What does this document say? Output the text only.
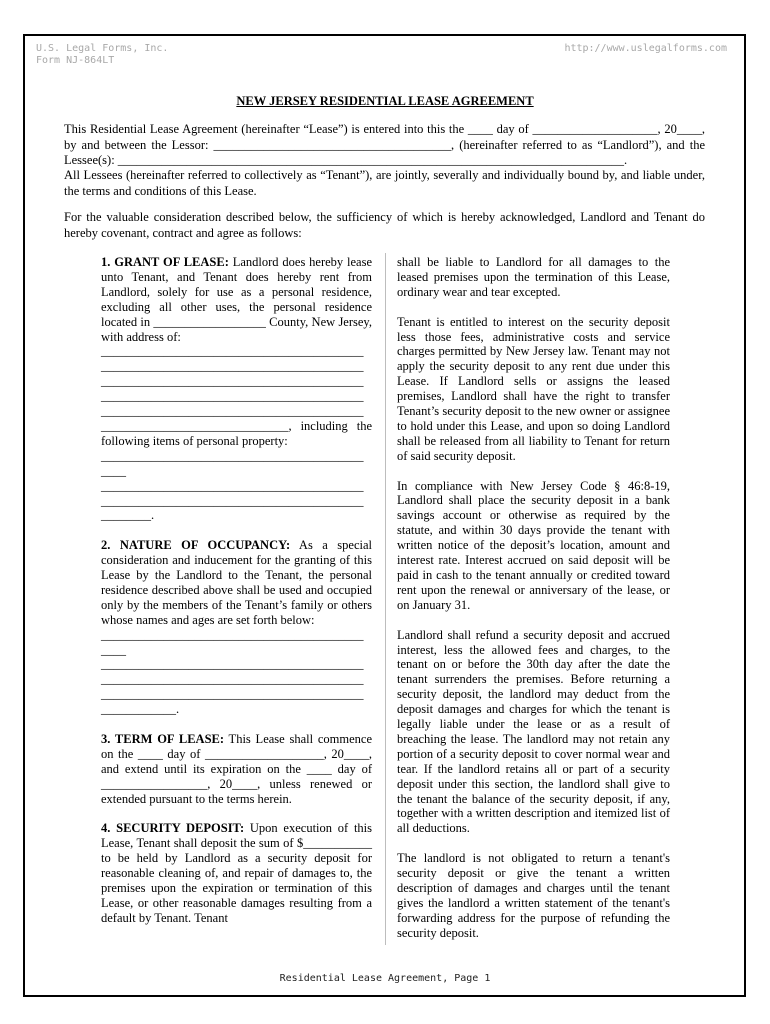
U.S. Legal Forms, Inc.
Form NJ-864LT
http://www.uslegalforms.com
NEW JERSEY RESIDENTIAL LEASE AGREEMENT

This Residential Lease Agreement (hereinafter “Lease”) is entered into this the ____ day of ____________________, 20____, by and between the Lessor: ______________________________________, (hereinafter referred to as “Landlord”), and the Lessee(s): _________________________________________________________________________________.

All Lessees (hereinafter referred to collectively as “Tenant”), are jointly, severally and individually bound by, and liable under, the terms and conditions of this Lease.

For the valuable consideration described below, the sufficiency of which is hereby acknowledged, Landlord and Tenant do hereby covenant, contract and agree as follows:

1. GRANT OF LEASE: Landlord does hereby lease unto Tenant, and Tenant does hereby rent from Landlord, solely for use as a personal residence, excluding all other uses, the personal residence located in __________________ County, New Jersey, with address of:
__________________________________________
__________________________________________
__________________________________________
__________________________________________
__________________________________________
______________________________, including the following items of personal property:
__________________________________________
____
__________________________________________
__________________________________________
________.

2. NATURE OF OCCUPANCY: As a special consideration and inducement for the granting of this Lease by the Landlord to the Tenant, the personal residence described above shall be used and occupied only by the members of the Tenant’s family or others whose names and ages are set forth below:
__________________________________________
____
__________________________________________
__________________________________________
__________________________________________
____________.

3. TERM OF LEASE: This Lease shall commence on the ____ day of ___________________, 20____, and extend until its expiration on the ____ day of _________________, 20____, unless renewed or extended pursuant to the terms herein.

4. SECURITY DEPOSIT: Upon execution of this Lease, Tenant shall deposit the sum of $___________ to be held by Landlord as a security deposit for reasonable cleaning of, and repair of damages to, the premises upon the expiration or termination of this Lease, or other reasonable damages resulting from a default by Tenant. Tenant

shall be liable to Landlord for all damages to the leased premises upon the termination of this Lease, ordinary wear and tear excepted.

Tenant is entitled to interest on the security deposit less those fees, administrative costs and service charges permitted by New Jersey law. Tenant may not apply the security deposit to any rent due under this Lease. If Landlord sells or assigns the leased premises, Landlord shall have the right to transfer Tenant’s security deposit to the new owner or assignee to hold under this Lease, and upon so doing Landlord shall be released from all liability to Tenant for return of said security deposit.

In compliance with New Jersey Code § 46:8-19, Landlord shall place the security deposit in a bank savings account or otherwise as required by the statute, and within 30 days provide the tenant with written notice of the deposit’s location, amount and interest rate. Interest accrued on said deposit will be paid in cash to the tenant annually or credited toward rent upon the renewal or anniversary of the lease, or on January 31.

Landlord shall refund a security deposit and accrued interest, less the allowed fees and charges, to the tenant on or before the 30th day after the date the tenant surrenders the premises. Before returning a security deposit, the landlord may deduct from the deposit damages and charges for which the tenant is legally liable under the lease or as a result of breaching the lease. The landlord may not retain any portion of a security deposit to cover normal wear and tear. If the landlord retains all or part of a security deposit under this section, the landlord shall give to the tenant the balance of the security deposit, if any, together with a written description and itemized list of all deductions.

The landlord is not obligated to return a tenant's security deposit or give the tenant a written description of damages and charges until the tenant gives the landlord a written statement of the tenant's forwarding address for the purpose of refunding the security deposit.

Residential Lease Agreement, Page 1
